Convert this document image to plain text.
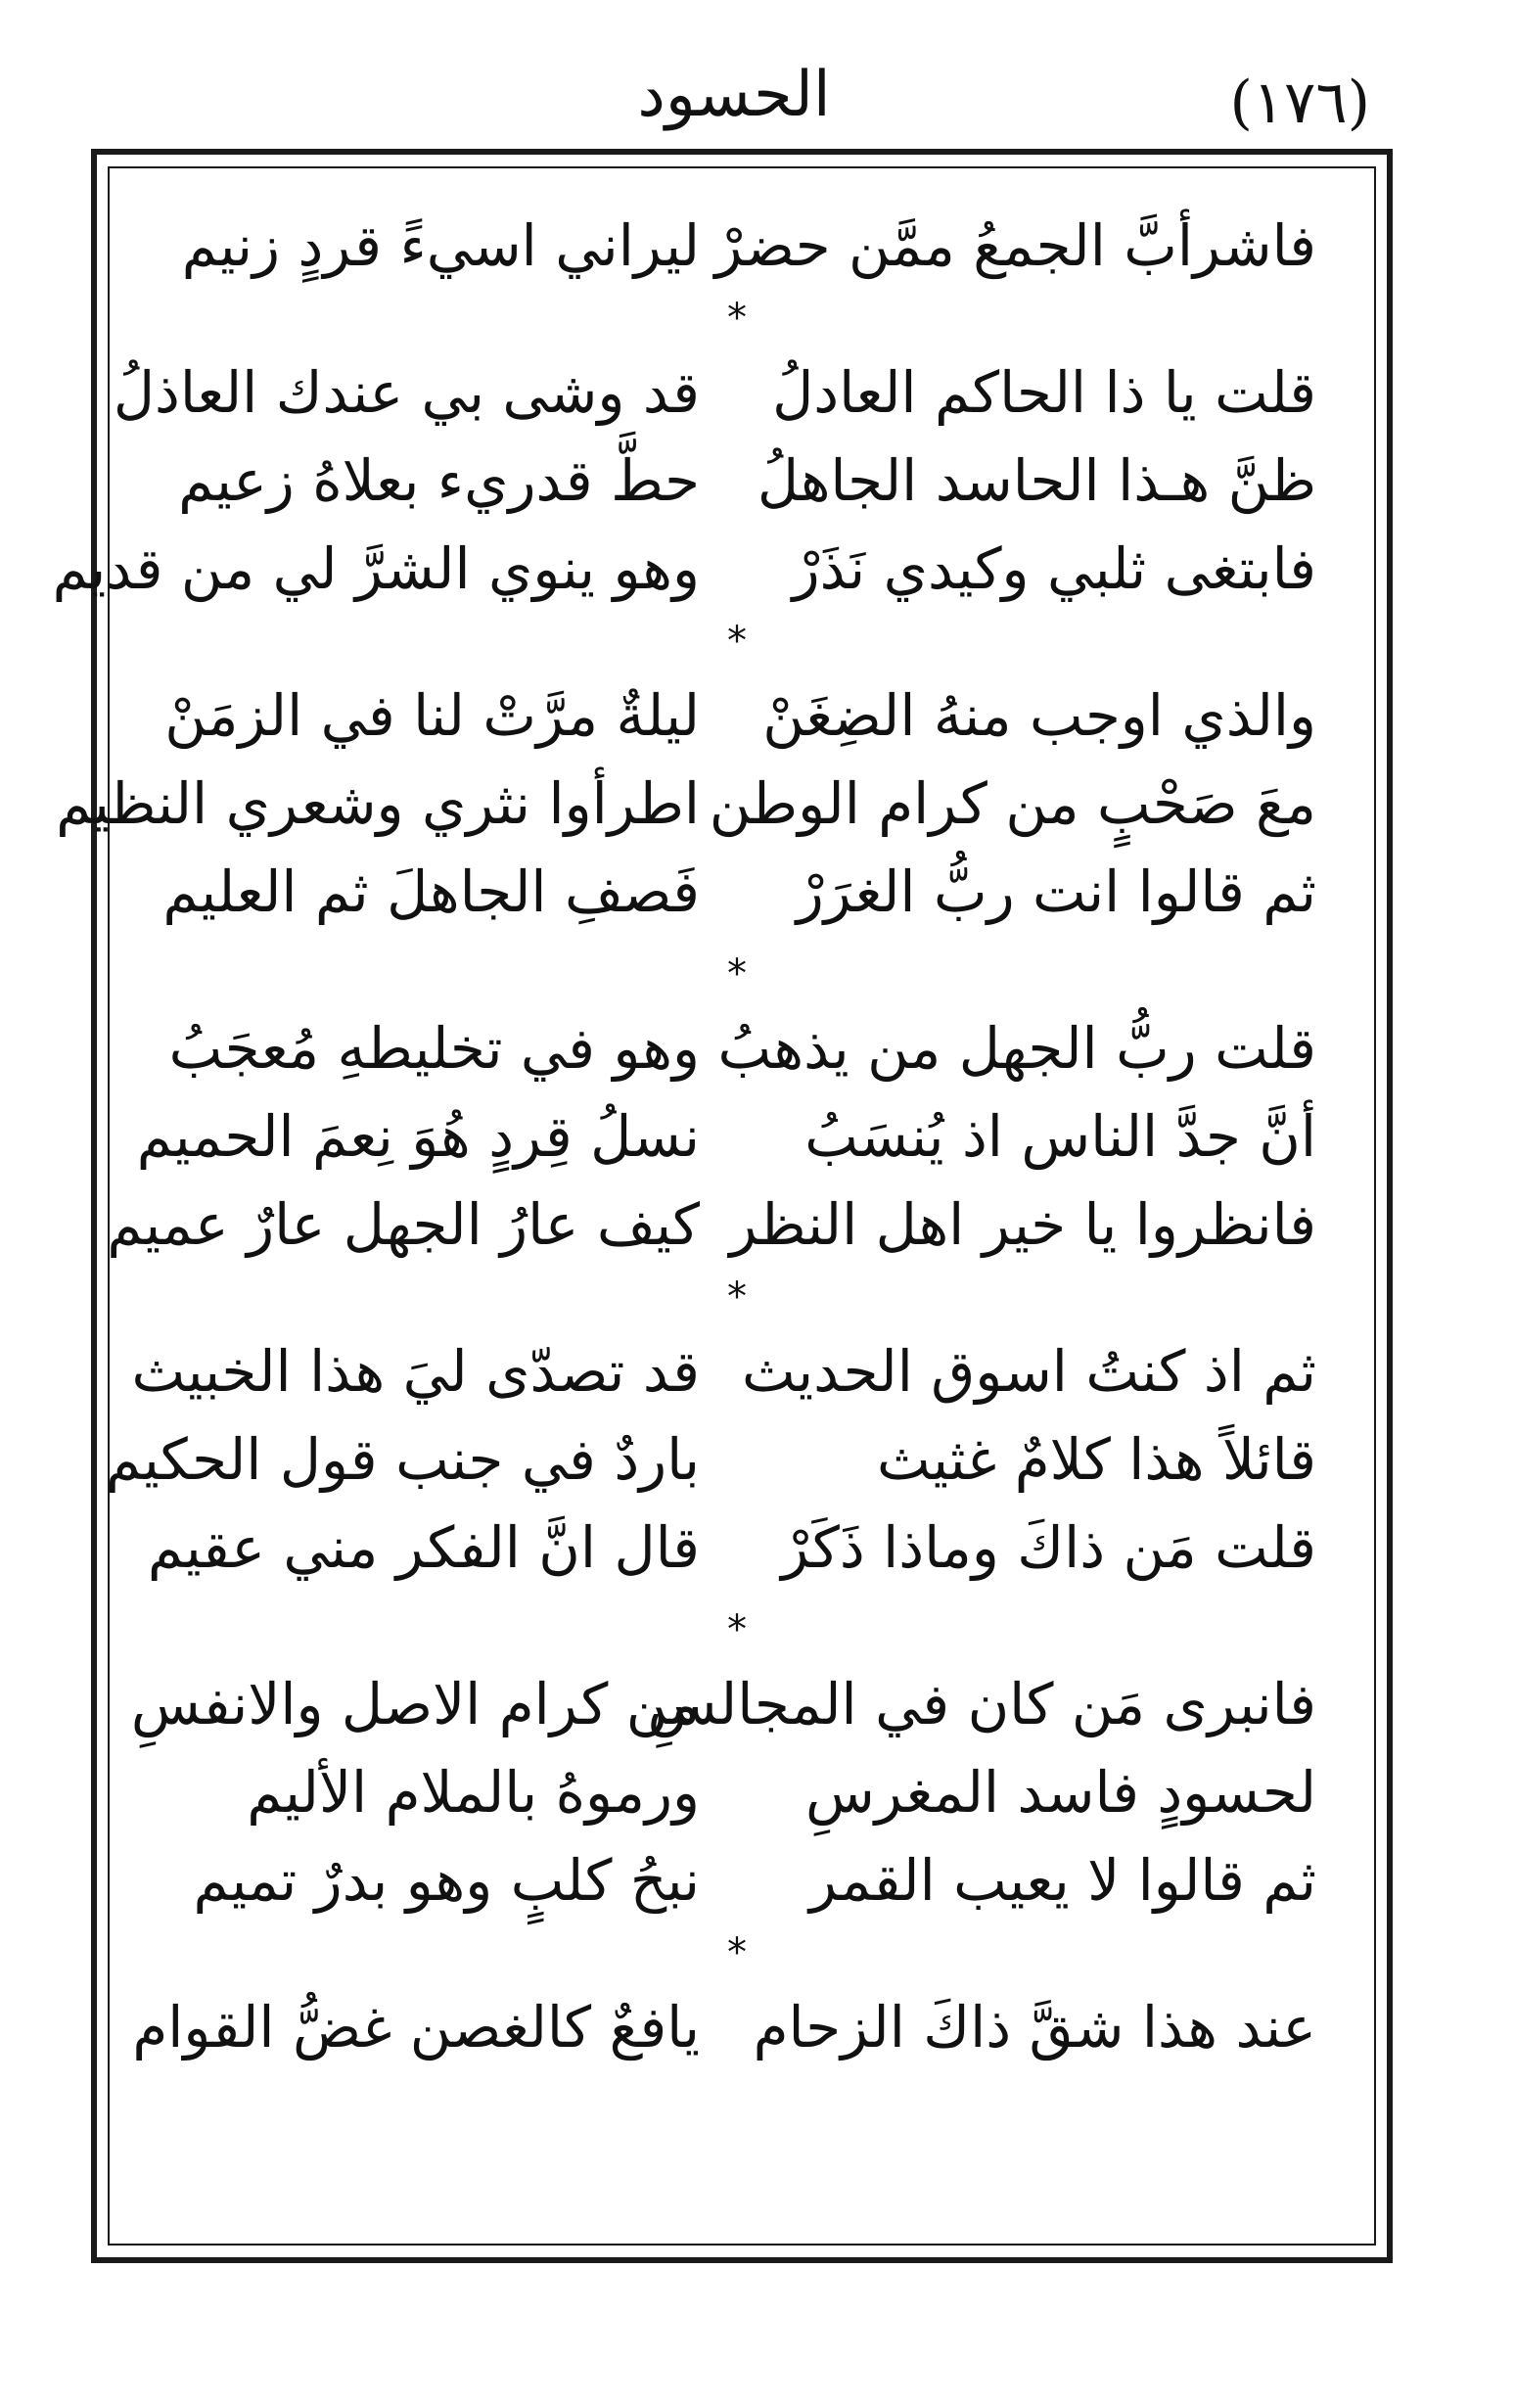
(١٧٦)
الحسود
فاشرأبَّ الجمعُ ممَّن حضرْ
ليراني اسيءً قردٍ زنيم
*
قلت يا ذا الحاكم العادلُ
قد وشى بي عندك العاذلُ
ظنَّ هـذا الحاسد الجاهلُ
حطَّ قدريء بعلاهُ زعيم
فابتغى ثلبي وكيدي نَذَرْ
وهو ينوي الشرَّ لي من قديم
*
والذي اوجب منهُ الضِغَنْ
ليلةٌ مرَّتْ لنا في الزمَنْ
معَ صَحْبٍ من كرام الوطن
اطرأوا نثري وشعري النظيم
ثم قالوا انت ربُّ الغرَرْ
فَصفِ الجاهلَ ثم العليم
*
قلت ربُّ الجهل من يذهبُ
وهو في تخليطهِ مُعجَبُ
أنَّ جدَّ الناس اذ يُنسَبُ
نسلُ قِردٍ هُوَ نِعمَ الحميم
فانظروا يا خير اهل النظر
كيف عارُ الجهل عارٌ عميم
*
ثم اذ كنتُ اسوق الحديث
قد تصدّى ليَ هذا الخبيث
قائلاً هذا كلامٌ غثيث
باردٌ في جنب قول الحكيم
قلت مَن ذاكَ وماذا ذَكَرْ
قال انَّ الفكر مني عقيم
*
فانبرى مَن كان في المجالسِ
من كرام الاصل والانفسِ
لحسودٍ فاسد المغرسِ
ورموهُ بالملام الأليم
ثم قالوا لا يعيب القمر
نبحُ كلبٍ وهو بدرٌ تميم
*
عند هذا شقَّ ذاكَ الزحام
يافعٌ كالغصن غضُّ القوام
